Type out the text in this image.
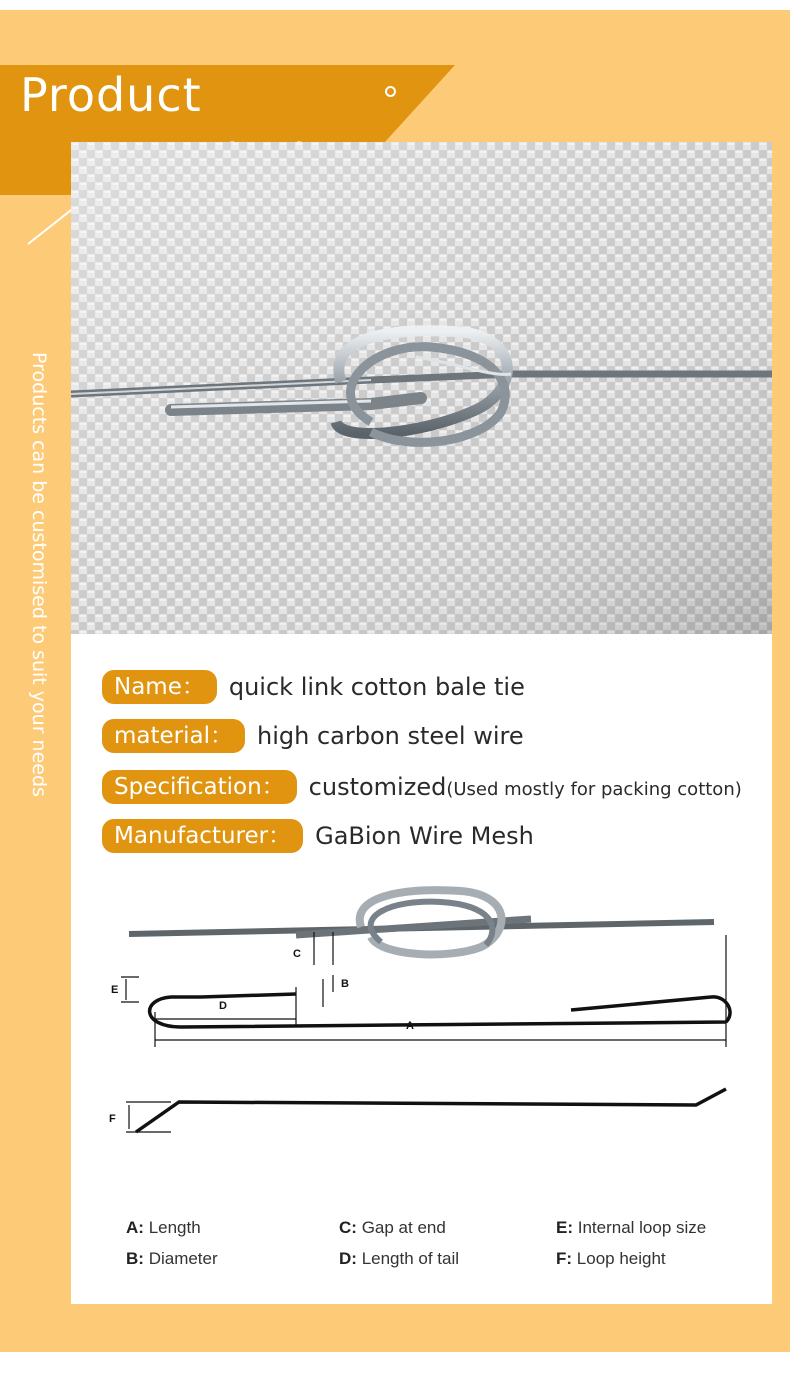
Product
Products can be customised to suit your needs	Name：	quick link cotton bale tie
material：	high carbon steel wire
Specification：	customized(Used mostly for packing cotton)
Manufacturer：	GaBion Wire Mesh
E
C
B
D
A
F
A: Length	C: Gap at end	E: Internal loop size
B: Diameter	D: Length of tail	F: Loop height
